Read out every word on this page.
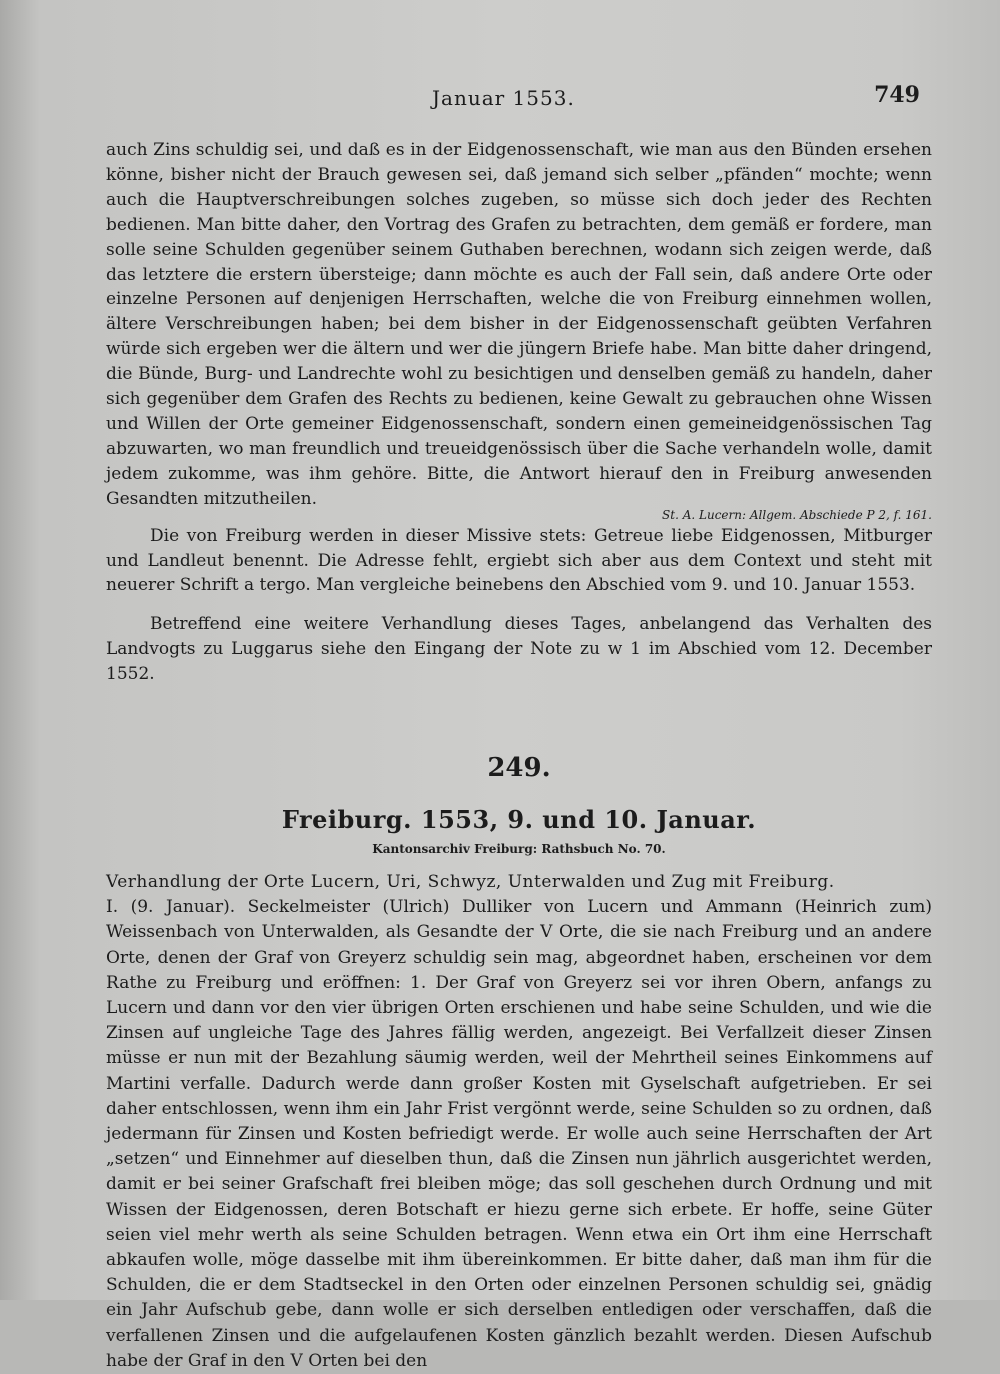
Januar 1553.	749

auch Zins schuldig sei, und daß es in der Eidgenossenschaft, wie man aus den Bünden ersehen könne, bisher nicht der Brauch gewesen sei, daß jemand sich selber „pfänden“ mochte; wenn auch die Hauptverschreibungen solches zugeben, so müsse sich doch jeder des Rechten bedienen. Man bitte daher, den Vortrag des Grafen zu betrachten, dem gemäß er fordere, man solle seine Schulden gegenüber seinem Guthaben berechnen, wodann sich zeigen werde, daß das letztere die erstern übersteige; dann möchte es auch der Fall sein, daß andere Orte oder einzelne Personen auf denjenigen Herrschaften, welche die von Freiburg einnehmen wollen, ältere Verschreibungen haben; bei dem bisher in der Eidgenossenschaft geübten Verfahren würde sich ergeben wer die ältern und wer die jüngern Briefe habe. Man bitte daher dringend, die Bünde, Burg- und Landrechte wohl zu besichtigen und denselben gemäß zu handeln, daher sich gegenüber dem Grafen des Rechts zu bedienen, keine Gewalt zu gebrauchen ohne Wissen und Willen der Orte gemeiner Eidgenossenschaft, sondern einen gemeineidgenössischen Tag abzuwarten, wo man freundlich und treueidgenössisch über die Sache verhandeln wolle, damit jedem zukomme, was ihm gehöre. Bitte, die Antwort hierauf den in Freiburg anwesenden Gesandten mitzutheilen.

St. A. Lucern: Allgem. Abschiede P 2, f. 161.

Die von Freiburg werden in dieser Missive stets: Getreue liebe Eidgenossen, Mitburger und Landleut benennt. Die Adresse fehlt, ergiebt sich aber aus dem Context und steht mit neuerer Schrift a tergo. Man vergleiche beinebens den Abschied vom 9. und 10. Januar 1553.

Betreffend eine weitere Verhandlung dieses Tages, anbelangend das Verhalten des Landvogts zu Luggarus siehe den Eingang der Note zu w 1 im Abschied vom 12. December 1552.

249.
Freiburg. 1553, 9. und 10. Januar.
Kantonsarchiv Freiburg: Rathsbuch No. 70.

Verhandlung der Orte Lucern, Uri, Schwyz, Unterwalden und Zug mit Freiburg.

I. (9. Januar). Seckelmeister (Ulrich) Dulliker von Lucern und Ammann (Heinrich zum) Weissenbach von Unterwalden, als Gesandte der V Orte, die sie nach Freiburg und an andere Orte, denen der Graf von Greyerz schuldig sein mag, abgeordnet haben, erscheinen vor dem Rathe zu Freiburg und eröffnen: 1. Der Graf von Greyerz sei vor ihren Obern, anfangs zu Lucern und dann vor den vier übrigen Orten erschienen und habe seine Schulden, und wie die Zinsen auf ungleiche Tage des Jahres fällig werden, angezeigt. Bei Verfallzeit dieser Zinsen müsse er nun mit der Bezahlung säumig werden, weil der Mehrtheil seines Einkommens auf Martini verfalle. Dadurch werde dann großer Kosten mit Gyselschaft aufgetrieben. Er sei daher entschlossen, wenn ihm ein Jahr Frist vergönnt werde, seine Schulden so zu ordnen, daß jedermann für Zinsen und Kosten befriedigt werde. Er wolle auch seine Herrschaften der Art „setzen“ und Einnehmer auf dieselben thun, daß die Zinsen nun jährlich ausgerichtet werden, damit er bei seiner Grafschaft frei bleiben möge; das soll geschehen durch Ordnung und mit Wissen der Eidgenossen, deren Botschaft er hiezu gerne sich erbete. Er hoffe, seine Güter seien viel mehr werth als seine Schulden betragen. Wenn etwa ein Ort ihm eine Herrschaft abkaufen wolle, möge dasselbe mit ihm übereinkommen. Er bitte daher, daß man ihm für die Schulden, die er dem Stadtseckel in den Orten oder einzelnen Personen schuldig sei, gnädig ein Jahr Aufschub gebe, dann wolle er sich derselben entledigen oder verschaffen, daß die verfallenen Zinsen und die aufgelaufenen Kosten gänzlich bezahlt werden. Diesen Aufschub habe der Graf in den V Orten bei den
